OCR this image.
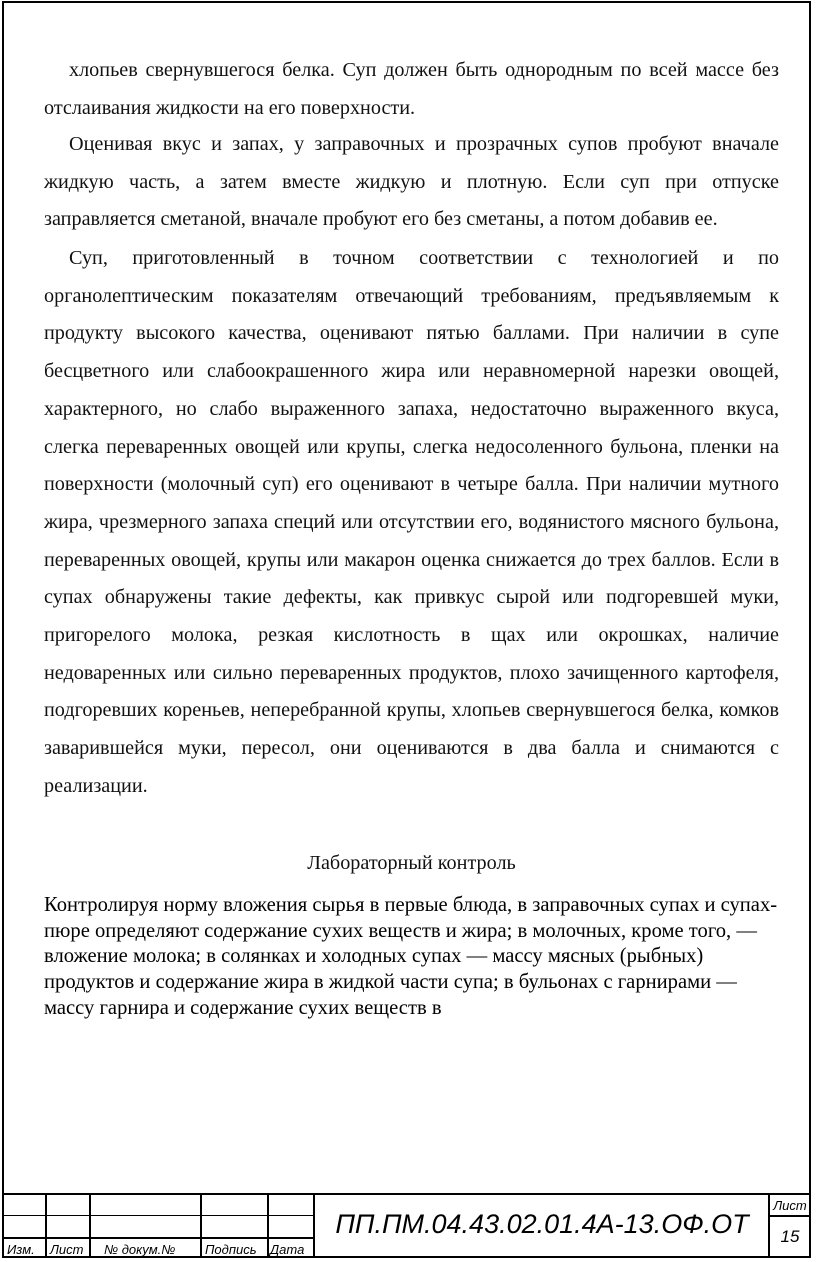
хлопьев свернувшегося белка. Суп должен быть однородным по всей массе без отслаивания жидкости на его поверхности.

Оценивая вкус и запах, у заправочных и прозрачных супов пробуют вначале жидкую часть, а затем вместе жидкую и плотную. Если суп при отпуске заправляется сметаной, вначале пробуют его без сметаны, а потом добавив ее.

Суп, приготовленный в точном соответствии с технологией и по органолептическим показателям отвечающий требованиям, предъявляемым к продукту высокого качества, оценивают пятью баллами. При наличии в супе бесцветного или слабоокрашенного жира или неравномерной нарезки овощей, характерного, но слабо выраженного запаха, недостаточно выраженного вкуса, слегка переваренных овощей или крупы, слегка недосоленного бульона, пленки на поверхности (молочный суп) его оценивают в четыре балла. При наличии мутного жира, чрезмерного запаха специй или отсутствии его, водянистого мясного бульона, переваренных овощей, крупы или макарон оценка снижается до трех баллов. Если в супах обнаружены такие дефекты, как привкус сырой или подгоревшей муки, пригорелого молока, резкая кислотность в щах или окрошках, наличие недоваренных или сильно переваренных продуктов, плохо зачищенного картофеля, подгоревших кореньев, неперебранной крупы, хлопьев свернувшегося белка, комков заварившейся муки, пересол, они оцениваются в два балла и снимаются с реализации.

Лабораторный контроль

Контролируя норму вложения сырья в первые блюда, в заправочных супах и супах-пюре определяют содержание сухих веществ и жира; в молочных, кроме того, — вложение молока; в солянках и холодных супах — массу мясных (рыбных) продуктов и содержание жира в жидкой части супа; в бульонах с гарнирами — массу гарнира и содержание сухих веществ в

Изм. Лист № докум.№ Подпись Дата
ПП.ПМ.04.43.02.01.4А-13.ОФ.ОТ
Лист
15
